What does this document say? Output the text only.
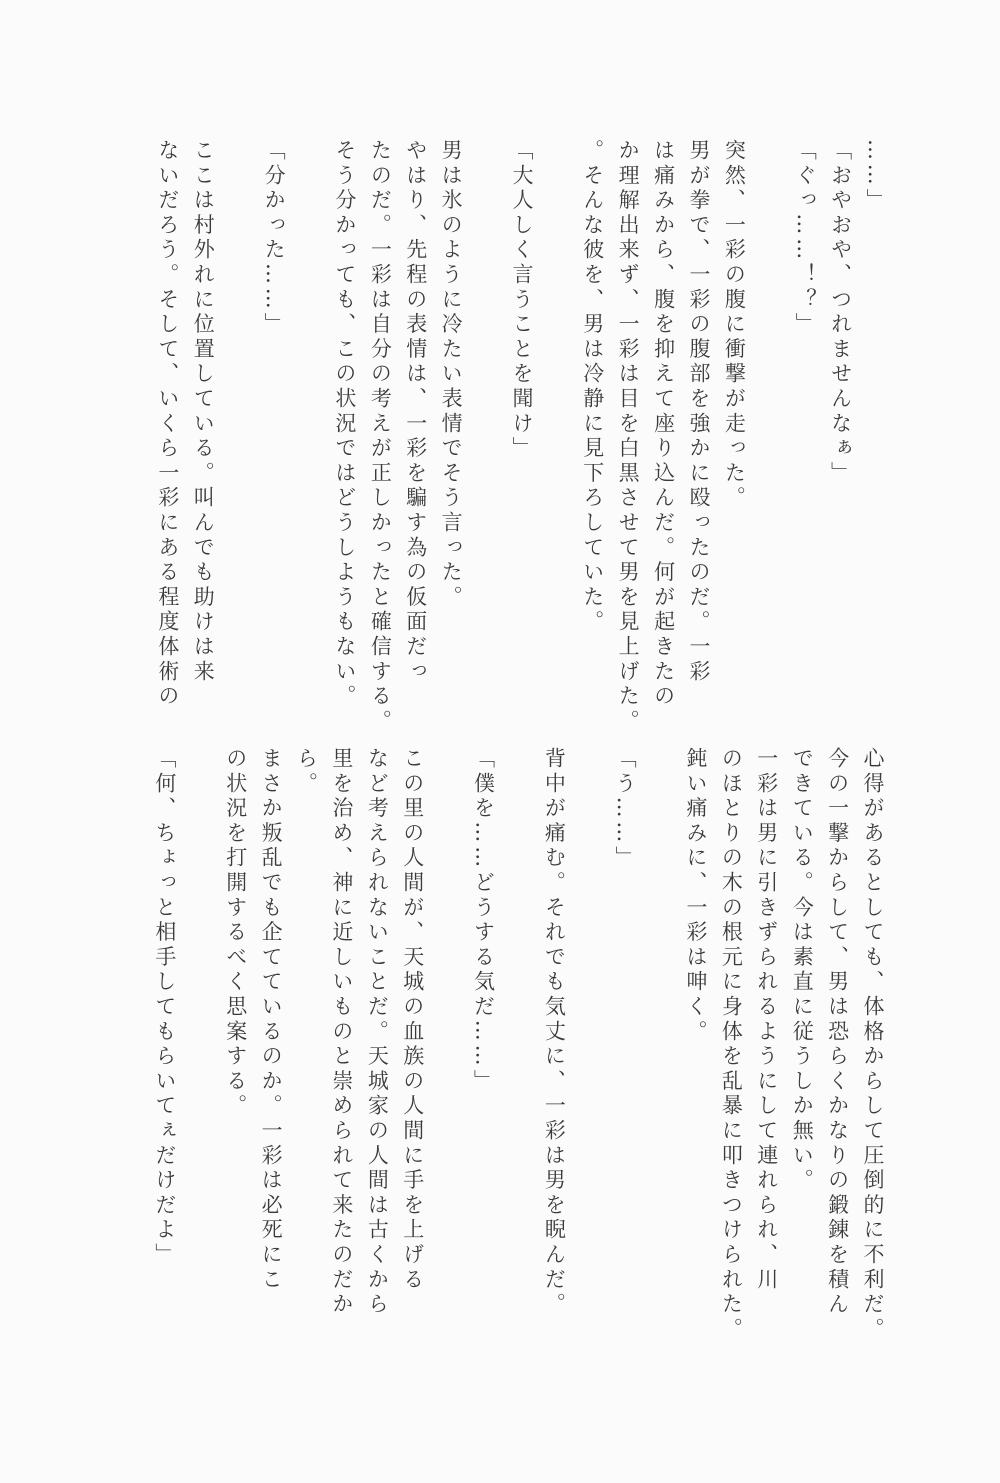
……」

「おやおや、つれませんなぁ」

「ぐっ……！？」

突然、一彩の腹に衝撃が走った。

男が拳で、一彩の腹部を強かに殴ったのだ。一彩

は痛みから、腹を抑えて座り込んだ。何が起きたの

か理解出来ず、一彩は目を白黒させて男を見上げた。

。そんな彼を、男は冷静に見下ろしていた。

「大人しく言うことを聞け」

男は氷のように冷たい表情でそう言った。

やはり、先程の表情は、一彩を騙す為の仮面だっ

たのだ。一彩は自分の考えが正しかったと確信する。

そう分かっても、この状況ではどうしようもない。

「分かった……」

ここは村外れに位置している。叫んでも助けは来

ないだろう。そして、いくら一彩にある程度体術の

心得があるとしても、体格からして圧倒的に不利だ。

今の一撃からして、男は恐らくかなりの鍛錬を積ん

できている。今は素直に従うしか無い。

一彩は男に引きずられるようにして連れられ、川

のほとりの木の根元に身体を乱暴に叩きつけられた。

鈍い痛みに、一彩は呻く。

「う……」

背中が痛む。それでも気丈に、一彩は男を睨んだ。

「僕を……どうする気だ……」

この里の人間が、天城の血族の人間に手を上げる

など考えられないことだ。天城家の人間は古くから

里を治め、神に近しいものと崇められて来たのだか

ら。

まさか叛乱でも企てているのか。一彩は必死にこ

の状況を打開するべく思案する。

「何、ちょっと相手してもらいてぇだけだよ」
